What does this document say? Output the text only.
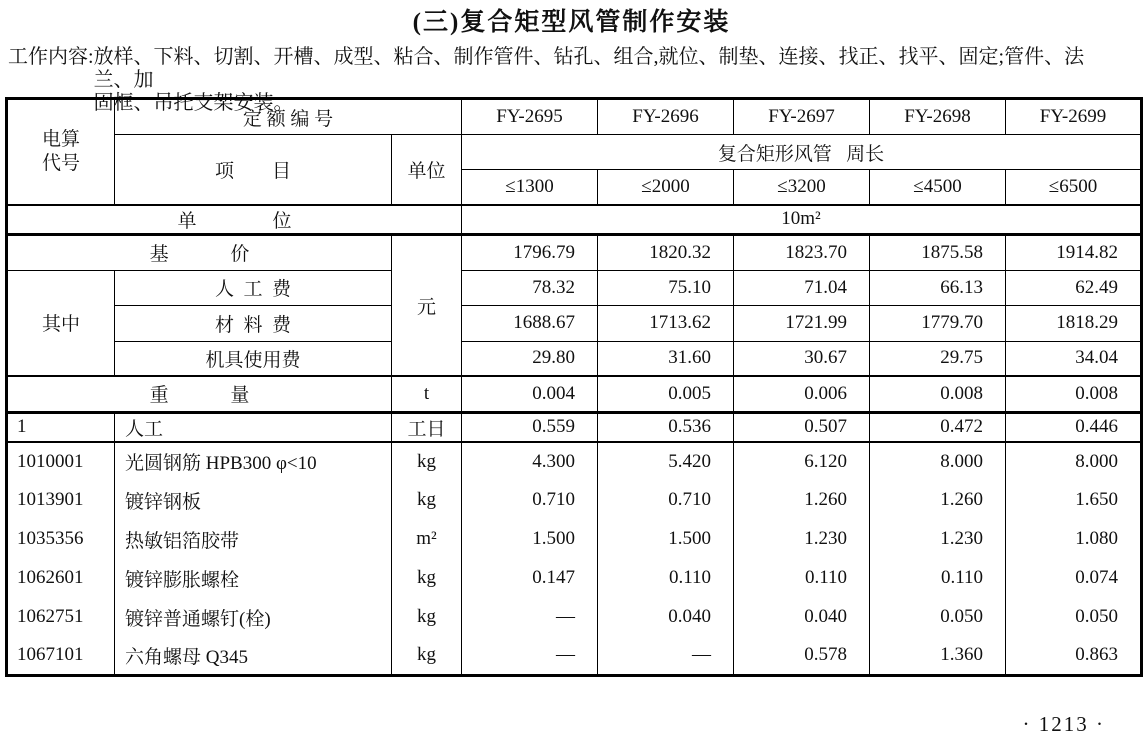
(三)复合矩型风管制作安装
工作内容: 放样、下料、切割、开槽、成型、粘合、制作管件、钻孔、组合,就位、制垫、连接、找正、找平、固定;管件、法兰、加
固框、吊托支架安装。
电算
代号	定 额 编 号		FY-2695	FY-2696	FY-2697	FY-2698	FY-2699
	项        目	单位	复合矩形风管   周长				
			≤1300	≤2000	≤3200	≤4500	≤6500
单                位			10m²				
基             价		元	1796.79	1820.32	1823.70	1875.58	1914.82
其中	人  工  费		78.32	75.10	71.04	66.13	62.49
	材  料  费		1688.67	1713.62	1721.99	1779.70	1818.29
	机具使用费		29.80	31.60	30.67	29.75	34.04
重             量		t	0.004	0.005	0.006	0.008	0.008
1	人工	工日	0.559	0.536	0.507	0.472	0.446
1010001	光圆钢筋 HPB300 φ<10	kg	4.300	5.420	6.120	8.000	8.000
1013901	镀锌钢板	kg	0.710	0.710	1.260	1.260	1.650
1035356	热敏铝箔胶带	m²	1.500	1.500	1.230	1.230	1.080
1062601	镀锌膨胀螺栓	kg	0.147	0.110	0.110	0.110	0.074
1062751	镀锌普通螺钉(栓)	kg	—	0.040	0.040	0.050	0.050
1067101	六角螺母 Q345	kg	—	—	0.578	1.360	0.863
· 1213 ·
